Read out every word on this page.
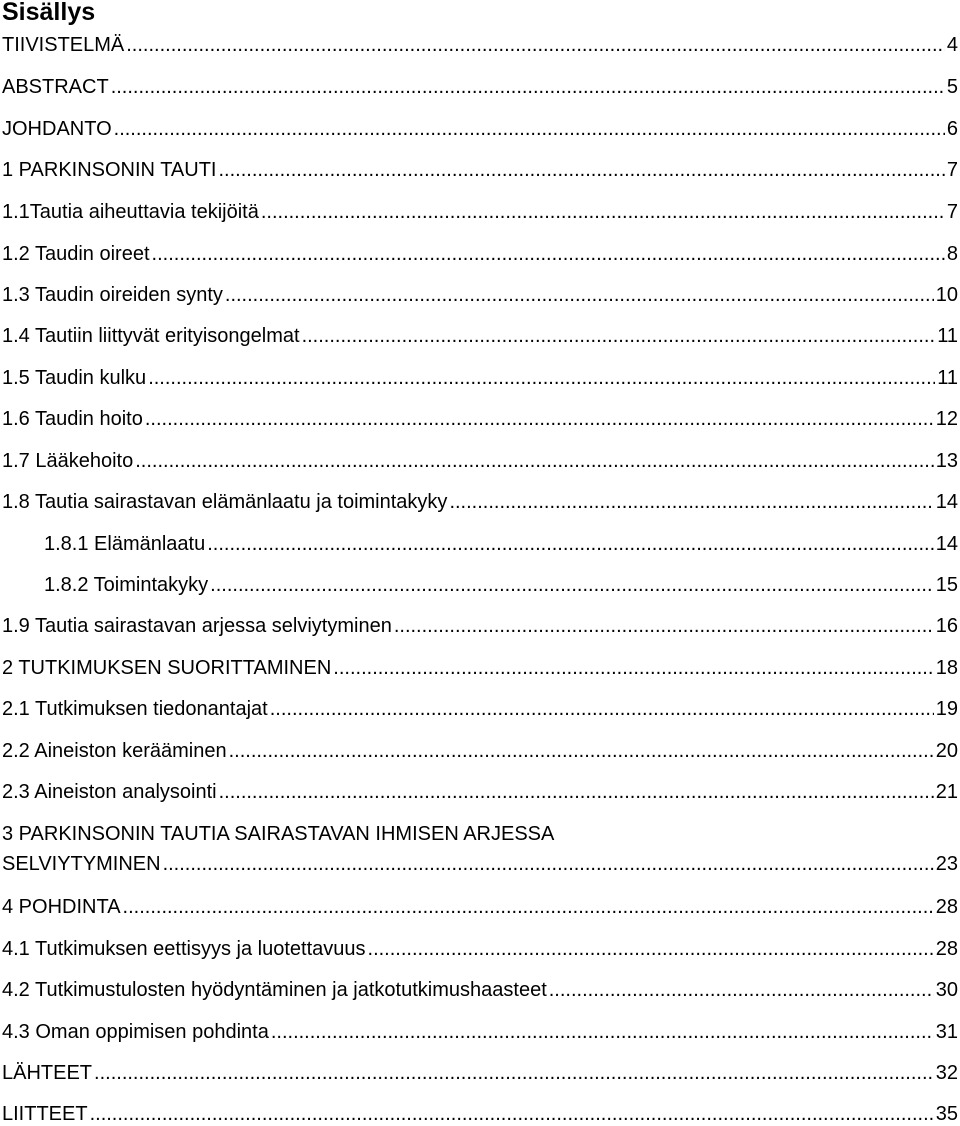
Sisällys
TIIVISTELMÄ .....	4
ABSTRACT .....	5
JOHDANTO .....	6
1 PARKINSONIN TAUTI .....	7
1.1Tautia aiheuttavia tekijöitä .....	7
1.2 Taudin oireet .....	8
1.3 Taudin oireiden synty .....	10
1.4 Tautiin liittyvät erityisongelmat .....	11
1.5 Taudin kulku .....	11
1.6 Taudin hoito .....	12
1.7 Lääkehoito .....	13
1.8 Tautia sairastavan elämänlaatu ja toimintakyky .....	14
1.8.1 Elämänlaatu .....	14
1.8.2 Toimintakyky .....	15
1.9 Tautia sairastavan arjessa selviytyminen .....	16
2 TUTKIMUKSEN SUORITTAMINEN .....	18
2.1 Tutkimuksen tiedonantajat .....	19
2.2 Aineiston kerääminen .....	20
2.3 Aineiston analysointi .....	21
3 PARKINSONIN TAUTIA SAIRASTAVAN IHMISEN ARJESSA
SELVIYTYMINEN .....	23
4 POHDINTA .....	28
4.1 Tutkimuksen eettisyys ja luotettavuus .....	28
4.2 Tutkimustulosten hyödyntäminen ja jatkotutkimushaasteet .....	30
4.3 Oman oppimisen pohdinta .....	31
LÄHTEET .....	32
LIITTEET .....	35
